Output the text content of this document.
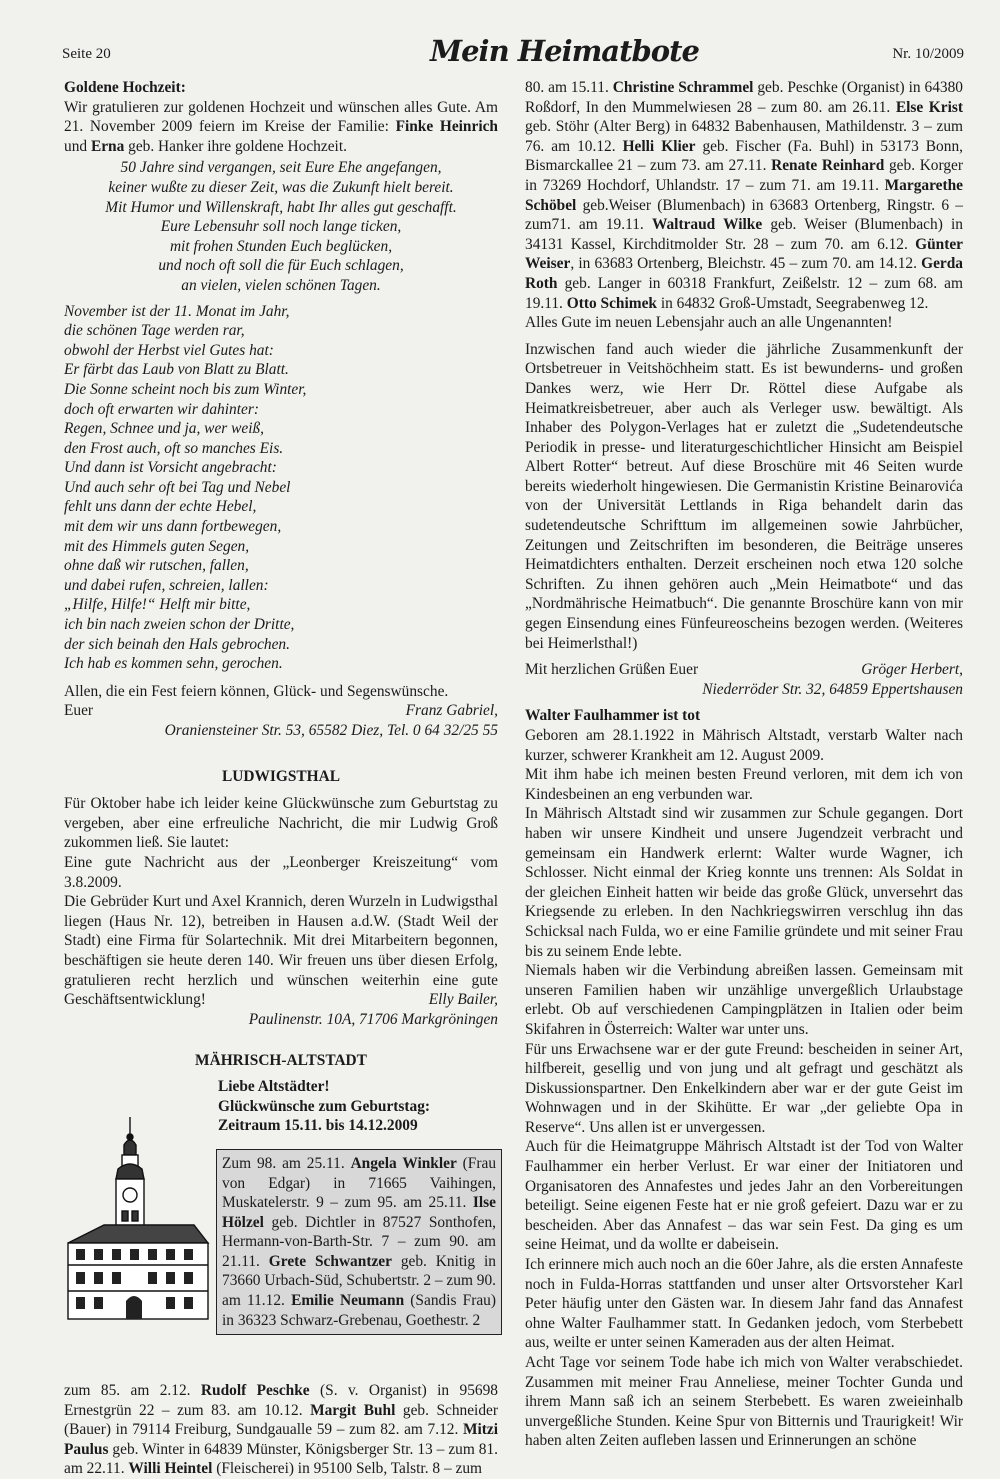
Seite 20	Mein Heimatbote	Nr. 10/2009

Goldene Hochzeit:

Wir gratulieren zur goldenen Hochzeit und wünschen alles Gute. Am 21. November 2009 feiern im Kreise der Familie: Finke Heinrich und Erna geb. Hanker ihre goldene Hochzeit.

50 Jahre sind vergangen, seit Eure Ehe angefangen,
keiner wußte zu dieser Zeit, was die Zukunft hielt bereit.
Mit Humor und Willenskraft, habt Ihr alles gut geschafft.
Eure Lebensuhr soll noch lange ticken,
mit frohen Stunden Euch beglücken,
und noch oft soll die für Euch schlagen,
an vielen, vielen schönen Tagen.
November ist der 11. Monat im Jahr,
die schönen Tage werden rar,
obwohl der Herbst viel Gutes hat:
Er färbt das Laub von Blatt zu Blatt.
Die Sonne scheint noch bis zum Winter,
doch oft erwarten wir dahinter:
Regen, Schnee und ja, wer weiß,
den Frost auch, oft so manches Eis.
Und dann ist Vorsicht angebracht:
Und auch sehr oft bei Tag und Nebel
fehlt uns dann der echte Hebel,
mit dem wir uns dann fortbewegen,
mit des Himmels guten Segen,
ohne daß wir rutschen, fallen,
und dabei rufen, schreien, lallen:
„Hilfe, Hilfe!“ Helft mir bitte,
ich bin nach zweien schon der Dritte,
der sich beinah den Hals gebrochen.
Ich hab es kommen sehn, gerochen.

Allen, die ein Fest feiern können, Glück- und Segenswünsche.

Euer	Franz Gabriel,

Oraniensteiner Str. 53, 65582 Diez, Tel. 0 64 32/25 55

LUDWIGSTHAL

Für Oktober habe ich leider keine Glückwünsche zum Geburtstag zu vergeben, aber eine erfreuliche Nachricht, die mir Ludwig Groß zukommen ließ. Sie lautet:

Eine gute Nachricht aus der „Leonberger Kreiszeitung“ vom 3.8.2009.

Die Gebrüder Kurt und Axel Krannich, deren Wurzeln in Ludwigsthal liegen (Haus Nr. 12), betreiben in Hausen a.d.W. (Stadt Weil der Stadt) eine Firma für Solartechnik. Mit drei Mitarbeitern begonnen, beschäftigen sie heute deren 140. Wir freuen uns über diesen Erfolg, gratulieren recht herzlich und wünschen weiterhin eine gute Geschäftsentwicklung!	Elly Bailer,

Paulinenstr. 10A, 71706 Markgröningen

MÄHRISCH-ALTSTADT

Liebe Altstädter!
Glückwünsche zum Geburtstag:
Zeitraum 15.11. bis 14.12.2009
Zum 98. am 25.11. Angela Winkler (Frau von Edgar) in 71665 Vaihingen, Muskatelerstr. 9 – zum 95. am 25.11. Ilse Hölzel geb. Dichtler in 87527 Sonthofen, Hermann-von-Barth-Str. 7 – zum 90. am 21.11. Grete Schwantzer geb. Knitig in 73660 Urbach-Süd, Schubertstr. 2 – zum 90. am 11.12. Emilie Neumann (Sandis Frau) in 36323 Schwarz-Grebenau, Goethestr. 2

zum 85. am 2.12. Rudolf Peschke (S. v. Organist) in 95698 Ernestgrün 22 – zum 83. am 10.12. Margit Buhl geb. Schneider (Bauer) in 79114 Freiburg, Sundgaualle 59 – zum 82. am 7.12. Mitzi Paulus geb. Winter in 64839 Münster, Königsberger Str. 13 – zum 81. am 22.11. Willi Heintel (Fleischerei) in 95100 Selb, Talstr. 8 – zum

80. am 15.11. Christine Schrammel geb. Peschke (Organist) in 64380 Roßdorf, In den Mummelwiesen 28 – zum 80. am 26.11. Else Krist geb. Stöhr (Alter Berg) in 64832 Babenhausen, Mathildenstr. 3 – zum 76. am 10.12. Helli Klier geb. Fischer (Fa. Buhl) in 53173 Bonn, Bismarckallee 21 – zum 73. am 27.11. Renate Reinhard geb. Korger in 73269 Hochdorf, Uhlandstr. 17 – zum 71. am 19.11. Margarethe Schöbel geb.Weiser (Blumenbach) in 63683 Ortenberg, Ringstr. 6 – zum71. am 19.11. Waltraud Wilke geb. Weiser (Blumenbach) in 34131 Kassel, Kirchditmolder Str. 28 – zum 70. am 6.12. Günter Weiser, in 63683 Ortenberg, Bleichstr. 45 – zum 70. am 14.12. Gerda Roth geb. Langer in 60318 Frankfurt, Zeißelstr. 12 – zum 68. am 19.11. Otto Schimek in 64832 Groß-Umstadt, Seegrabenweg 12.

Alles Gute im neuen Lebensjahr auch an alle Ungenannten!

Inzwischen fand auch wieder die jährliche Zusammenkunft der Ortsbetreuer in Veitshöchheim statt. Es ist bewunderns- und großen Dankes werz, wie Herr Dr. Röttel diese Aufgabe als Heimatkreisbetreuer, aber auch als Verleger usw. bewältigt. Als Inhaber des Polygon-Verlages hat er zuletzt die „Sudetendeutsche Periodik in presse- und literaturgeschichtlicher Hinsicht am Beispiel Albert Rotter“ betreut. Auf diese Broschüre mit 46 Seiten wurde bereits wiederholt hingewiesen. Die Germanistin Kristine Beinarovića von der Universität Lettlands in Riga behandelt darin das sudetendeutsche Schrifttum im allgemeinen sowie Jahrbücher, Zeitungen und Zeitschriften im besonderen, die Beiträge unseres Heimatdichters enthalten. Derzeit erscheinen noch etwa 120 solche Schriften. Zu ihnen gehören auch „Mein Heimatbote“ und das „Nordmährische Heimatbuch“. Die genannte Broschüre kann von mir gegen Einsendung eines Fünfeureoscheins bezogen werden. (Weiteres bei Heimerlsthal!)

Mit herzlichen Grüßen Euer	Gröger Herbert,

Niederröder Str. 32, 64859 Eppertshausen

Walter Faulhammer ist tot

Geboren am 28.1.1922 in Mährisch Altstadt, verstarb Walter nach kurzer, schwerer Krankheit am 12. August 2009.

Mit ihm habe ich meinen besten Freund verloren, mit dem ich von Kindesbeinen an eng verbunden war.

In Mährisch Altstadt sind wir zusammen zur Schule gegangen. Dort haben wir unsere Kindheit und unsere Jugendzeit verbracht und gemeinsam ein Handwerk erlernt: Walter wurde Wagner, ich Schlosser. Nicht einmal der Krieg konnte uns trennen: Als Soldat in der gleichen Einheit hatten wir beide das große Glück, unversehrt das Kriegsende zu erleben. In den Nachkriegswirren verschlug ihn das Schicksal nach Fulda, wo er eine Familie gründete und mit seiner Frau bis zu seinem Ende lebte.

Niemals haben wir die Verbindung abreißen lassen. Gemeinsam mit unseren Familien haben wir unzählige unvergeßlich Urlaubstage erlebt. Ob auf verschiedenen Campingplätzen in Italien oder beim Skifahren in Österreich: Walter war unter uns.

Für uns Erwachsene war er der gute Freund: bescheiden in seiner Art, hilfbereit, gesellig und von jung und alt gefragt und geschätzt als Diskussionspartner. Den Enkelkindern aber war er der gute Geist im Wohnwagen und in der Skihütte. Er war „der geliebte Opa in Reserve“. Uns allen ist er unvergessen.

Auch für die Heimatgruppe Mährisch Altstadt ist der Tod von Walter Faulhammer ein herber Verlust. Er war einer der Initiatoren und Organisatoren des Annafestes und jedes Jahr an den Vorbereitungen beteiligt. Seine eigenen Feste hat er nie groß gefeiert. Dazu war er zu bescheiden. Aber das Annafest – das war sein Fest. Da ging es um seine Heimat, und da wollte er dabeisein.

Ich erinnere mich auch noch an die 60er Jahre, als die ersten Annafeste noch in Fulda-Horras stattfanden und unser alter Ortsvorsteher Karl Peter häufig unter den Gästen war. In diesem Jahr fand das Annafest ohne Walter Faulhammer statt. In Gedanken jedoch, vom Sterbebett aus, weilte er unter seinen Kameraden aus der alten Heimat.

Acht Tage vor seinem Tode habe ich mich von Walter verabschiedet. Zusammen mit meiner Frau Anneliese, meiner Tochter Gunda und ihrem Mann saß ich an seinem Sterbebett. Es waren zweieinhalb unvergeßliche Stunden. Keine Spur von Bitternis und Traurigkeit! Wir haben alten Zeiten aufleben lassen und Erinnerungen an schöne
